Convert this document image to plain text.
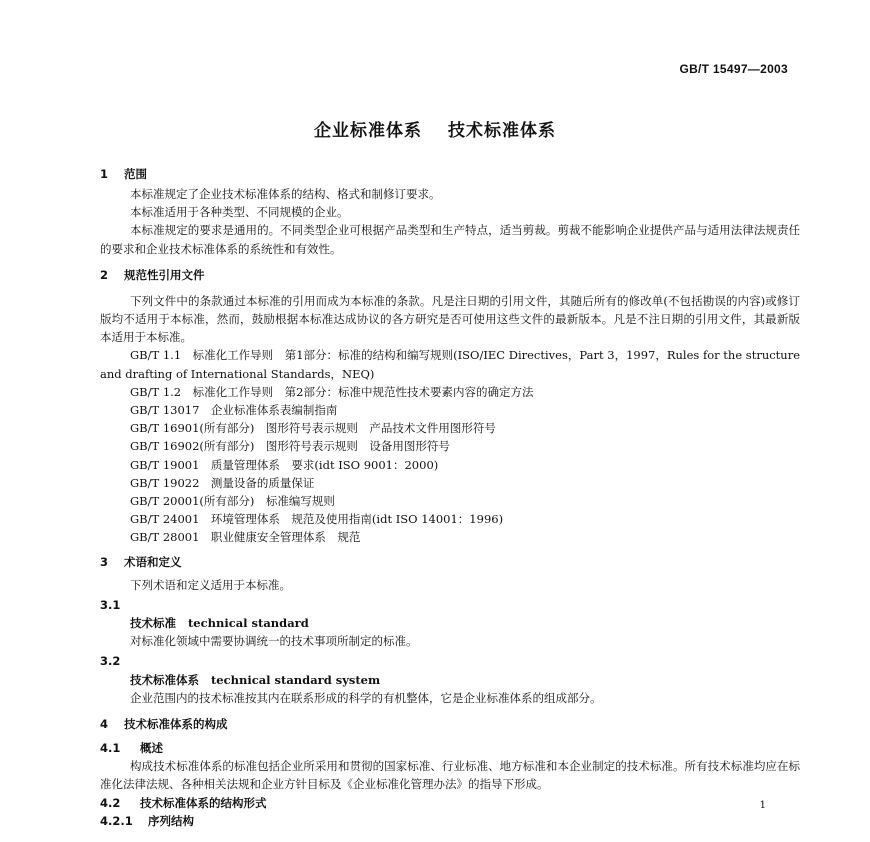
GB/T 15497—2003
企业标准体系 技术标准体系
1 范围

本标准规定了企业技术标准体系的结构、格式和制修订要求。

本标准适用于各种类型、不同规模的企业。

本标准规定的要求是通用的。不同类型企业可根据产品类型和生产特点，适当剪裁。剪裁不能影响企业提供产品与适用法律法规责任的要求和企业技术标准体系的系统性和有效性。

2 规范性引用文件

下列文件中的条款通过本标准的引用而成为本标准的条款。凡是注日期的引用文件，其随后所有的修改单(不包括勘误的内容)或修订版均不适用于本标准，然而，鼓励根据本标准达成协议的各方研究是否可使用这些文件的最新版本。凡是不注日期的引用文件，其最新版本适用于本标准。

GB/T 1.1　标准化工作导则　第1部分：标准的结构和编写规则(ISO/IEC Directives，Part 3，1997，Rules for the structure and drafting of International Standards，NEQ)

GB/T 1.2　标准化工作导则　第2部分：标准中规范性技术要素内容的确定方法

GB/T 13017　企业标准体系表编制指南

GB/T 16901(所有部分)　图形符号表示规则　产品技术文件用图形符号

GB/T 16902(所有部分)　图形符号表示规则　设备用图形符号

GB/T 19001　质量管理体系　要求(idt ISO 9001：2000)

GB/T 19022　测量设备的质量保证

GB/T 20001(所有部分)　标准编写规则

GB/T 24001　环境管理体系　规范及使用指南(idt ISO 14001：1996)

GB/T 28001　职业健康安全管理体系　规范

3 术语和定义

下列术语和定义适用于本标准。

3.1
技术标准 technical standard

对标准化领域中需要协调统一的技术事项所制定的标准。

3.2
技术标准体系 technical standard system

企业范围内的技术标准按其内在联系形成的科学的有机整体，它是企业标准体系的组成部分。

4 技术标准体系的构成
4.1 概述

构成技术标准体系的标准包括企业所采用和贯彻的国家标准、行业标准、地方标准和本企业制定的技术标准。所有技术标准均应在标准化法律法规、各种相关法规和企业方针目标及《企业标准化管理办法》的指导下形成。

4.2 技术标准体系的结构形式
4.2.1 序列结构
1
